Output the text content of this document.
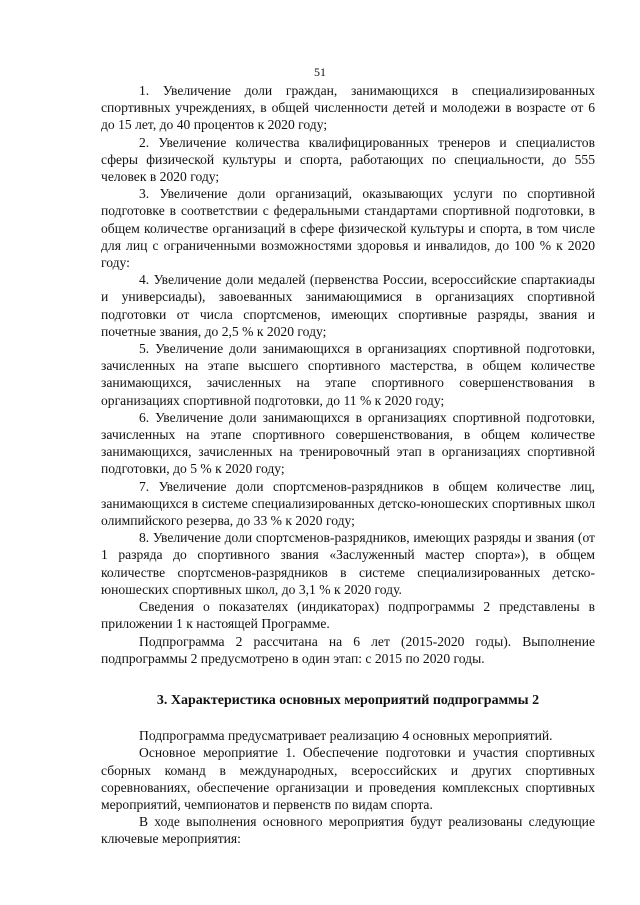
51

1. Увеличение доли граждан, занимающихся в специализированных спортивных учреждениях, в общей численности детей и молодежи в возрасте от 6 до 15 лет, до 40 процентов к 2020 году;

2. Увеличение количества квалифицированных тренеров и специалистов сферы физической культуры и спорта, работающих по специальности, до 555 человек в 2020 году;

3. Увеличение доли организаций, оказывающих услуги по спортивной подготовке в соответствии с федеральными стандартами спортивной подготовки, в общем количестве организаций в сфере физической культуры и спорта, в том числе для лиц с ограниченными возможностями здоровья и инвалидов, до 100 % к 2020 году:

4. Увеличение доли медалей (первенства России, всероссийские спартакиады и универсиады), завоеванных занимающимися в организациях спортивной подготовки от числа спортсменов, имеющих спортивные разряды, звания и почетные звания, до 2,5 % к 2020 году;

5. Увеличение доли занимающихся в организациях спортивной подготовки, зачисленных на этапе высшего спортивного мастерства, в общем количестве занимающихся, зачисленных на этапе спортивного совершенствования в организациях спортивной подготовки, до 11 % к 2020 году;

6. Увеличение доли занимающихся в организациях спортивной подготовки, зачисленных на этапе спортивного совершенствования, в общем количестве занимающихся, зачисленных на тренировочный этап в организациях спортивной подготовки, до 5 % к 2020 году;

7. Увеличение доли спортсменов-разрядников в общем количестве лиц, занимающихся в системе специализированных детско-юношеских спортивных школ олимпийского резерва, до 33 % к 2020 году;

8. Увеличение доли спортсменов-разрядников, имеющих разряды и звания (от 1 разряда до спортивного звания «Заслуженный мастер спорта»), в общем количестве спортсменов-разрядников в системе специализированных детско-юношеских спортивных школ, до 3,1 % к 2020 году.

Сведения о показателях (индикаторах) подпрограммы 2 представлены в приложении 1 к настоящей Программе.

Подпрограмма 2 рассчитана на 6 лет (2015-2020 годы). Выполнение подпрограммы 2 предусмотрено в один этап: с 2015 по 2020 годы.

3. Характеристика основных мероприятий подпрограммы 2

Подпрограмма предусматривает реализацию 4 основных мероприятий.

Основное мероприятие 1. Обеспечение подготовки и участия спортивных сборных команд в международных, всероссийских и других спортивных соревнованиях, обеспечение организации и проведения комплексных спортивных мероприятий, чемпионатов и первенств по видам спорта.

В ходе выполнения основного мероприятия будут реализованы следующие ключевые мероприятия:
